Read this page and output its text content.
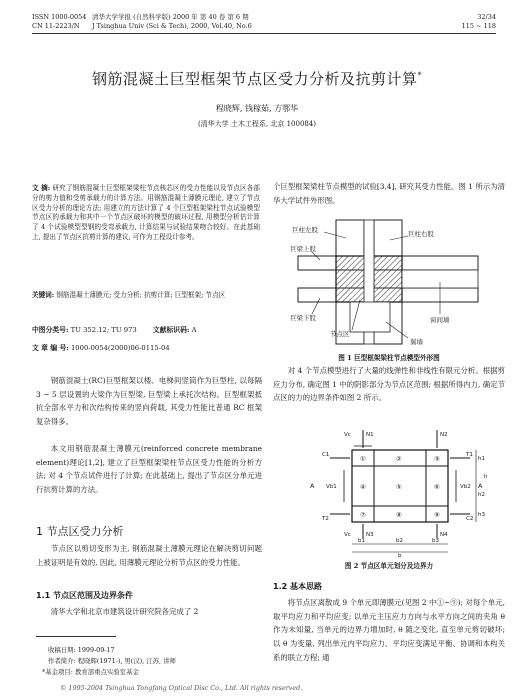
ISSN 1000-0054
CN 11-2223/N
清华大学学报 (自然科学版) 2000 年 第 40 卷 第 6 期
J Tsinghua Univ (Sci & Tech), 2000, Vol.40, No.6
32/34
115 ~ 118
钢筋混凝土巨型框架节点区受力分析及抗剪计算*
程晓辉, 钱稼茹, 方鄂华
(清华大学 土木工程系, 北京 100084)
文 摘: 研究了钢筋混凝土巨型框架梁柱节点核芯区的受力性能以及节点区各部分的剪力值和受剪承载力的计算方法。用钢筋混凝土薄膜元理论, 建立了节点区受力分析的理论方法; 用建立的方法计算了 4 个巨型框架梁柱节点试验模型节点区的承载力和其中一个节点区破坏的模型的破坏过程, 用模型分析估计算了 4 个试验模型型钢的受弯承载力, 计算结果与试验结果吻合较好。在此基础上, 提出了节点区抗剪计算的建议, 可作为工程设计参考。
关键词: 钢筋混凝土薄膜元; 受力分析; 抗剪计算; 巨型框架; 节点区
中图分类号: TU 352.12; TU 973 文献标识码: A
文 章 编 号: 1000-0054(2000)06-0115-04
钢筋混凝土(RC)巨型框架以楼、电梯间竖筒作为巨型柱, 以每隔 3 ~ 5 层设置的大梁作为巨型梁, 巨型梁上承托次结构。巨型框架抵抗全部水平力和次结构传来的竖向荷载, 其受力性能比普通 RC 框架复杂得多。
本文用钢筋混凝土薄膜元(reinforced concrete membrane element)理论[1,2], 建立了巨型框架梁柱节点区受力性能的分析方法; 对 4 个节点试件进行了计算; 在此基础上, 提出了节点区分单元进行抗剪计算的方法。
1 节点区受力分析
节点区以剪切变形为主, 钢筋混凝土薄膜元理论在解决剪切问题上被证明是有效的, 因此, 用薄膜元理论分析节点区的受力性能。
1.1 节点区范围及边界条件
清华大学和北京市建筑设计研究院各完成了 2
收稿日期: 1999-09-17
作者简介: 程晓辉(1971-), 男(汉), 江苏, 讲师
*基金项目: 教育部重点实验室基金
© 1995-2004 Tsinghua Tongfang Optical Disc Co., Ltd. All rights reserved.
个巨型框架梁柱节点模型的试验[3,4], 研究其受力性能。图 1 所示为清华大学试件外形图。
巨柱左股	巨柱右股
巨梁上股
巨梁下股
节点区
窗间墙
翼墙
图 1 巨型框架梁柱节点模型外形图
对 4 个节点模型进行了大量的线弹性和非线性有限元分析。根据剪应力分布, 确定图 1 中的阴影部分为节点区范围; 根据所得内力, 确定节点区的力的边界条件如图 2 所示。
①	②	③
④	⑤	⑥
⑦	⑧	⑨
Vc	N1	N2
C1	T1
Vb1	Vb2
T2	C2
A	A
Vc	N3	N4
b1	b2	b3
b
h1
h2
h3
h
图 2 节点区单元划分及边界力
1.2 基本思路
将节点区离散成 9 个单元即薄膜元(见图 2 中①~⑨); 对每个单元, 取平均应力和平均应变; 以单元主压应力方向与水平方向之间的夹角 θ 作为未知量, 当单元的边界力增加时, θ 随之变化, 直至单元剪切破坏; 以 θ 为变量, 列出单元内平均应力、平均应变满足平衡、协调和本构关系的联立方程; 通
